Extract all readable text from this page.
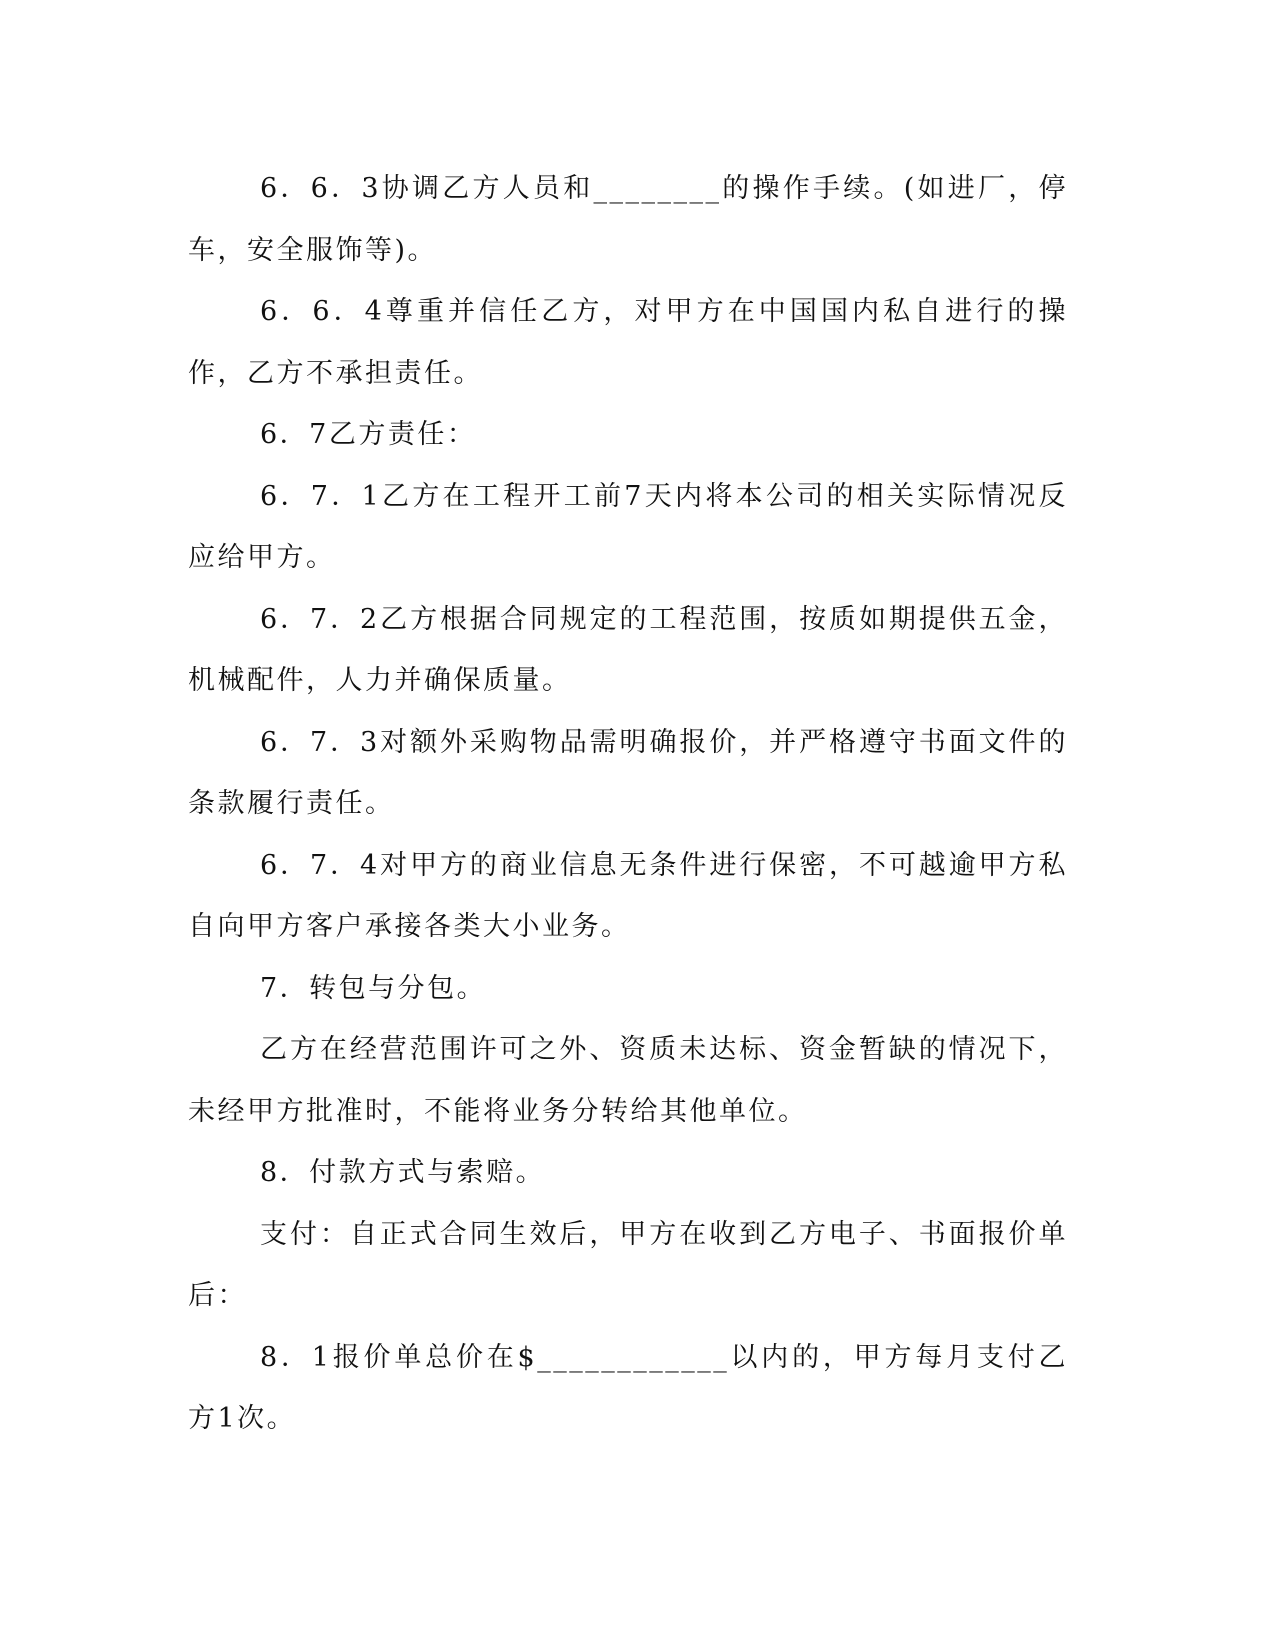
6．6．3协调乙方人员和________的操作手续。(如进厂，停车，安全服饰等)。

6．6．4尊重并信任乙方，对甲方在中国国内私自进行的操作，乙方不承担责任。

6．7乙方责任：

6．7．1乙方在工程开工前7天内将本公司的相关实际情况反应给甲方。

6．7．2乙方根据合同规定的工程范围，按质如期提供五金，机械配件，人力并确保质量。

6．7．3对额外采购物品需明确报价，并严格遵守书面文件的条款履行责任。

6．7．4对甲方的商业信息无条件进行保密，不可越逾甲方私自向甲方客户承接各类大小业务。

7．转包与分包。

乙方在经营范围许可之外、资质未达标、资金暂缺的情况下，未经甲方批准时，不能将业务分转给其他单位。

8．付款方式与索赔。

支付：自正式合同生效后，甲方在收到乙方电子、书面报价单后：

8．1报价单总价在$____________以内的，甲方每月支付乙方1次。
